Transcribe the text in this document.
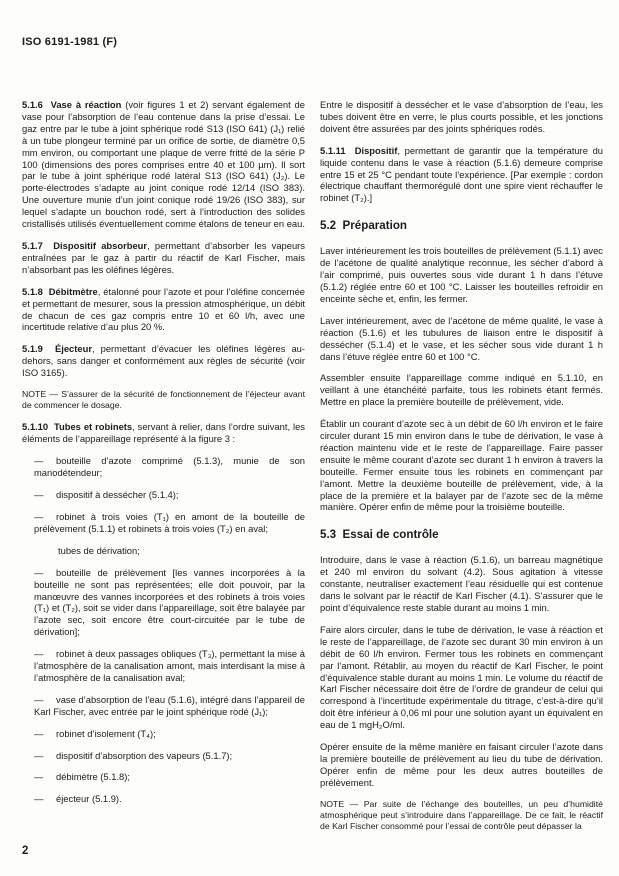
ISO 6191-1981 (F)

5.1.6  Vase à réaction (voir figures 1 et 2) servant également de vase pour l’absorption de l’eau contenue dans la prise d’essai. Le gaz entre par le tube à joint sphérique rodé S13 (ISO 641) (J₁) relié à un tube plongeur terminé par un orifice de sortie, de diamètre 0,5 mm environ, ou comportant une plaque de verre fritté de la série P 100 (dimensions des pores comprises entre 40 et 100 µm). Il sort par le tube à joint sphérique rodé latéral S13 (ISO 641) (J₂). Le porte-électrodes s’adapte au joint conique rodé 12/14 (ISO 383). Une ouverture munie d’un joint conique rodé 19/26 (ISO 383), sur lequel s’adapte un bouchon rodé, sert à l’introduction des solides cristallisés utilisés éventuellement comme étalons de teneur en eau.

5.1.7  Dispositif absorbeur, permettant d’absorber les vapeurs entraînées par le gaz à partir du réactif de Karl Fischer, mais n’absorbant pas les oléfines légères.

5.1.8  Débitmètre, étalonné pour l’azote et pour l’oléfine concernée et permettant de mesurer, sous la pression atmosphérique, un débit de chacun de ces gaz compris entre 10 et 60 l/h, avec une incertitude relative d’au plus 20 %.

5.1.9  Éjecteur, permettant d’évacuer les oléfines légères au-dehors, sans danger et conformément aux règles de sécurité (voir ISO 3165).

NOTE — S’assurer de la sécurité de fonctionnement de l’éjecteur avant de commencer le dosage.

5.1.10  Tubes et robinets, servant à relier, dans l’ordre suivant, les éléments de l’appareillage représenté à la figure 3 :

— bouteille d’azote comprimé (5.1.3), munie de son manodétendeur;
— dispositif à dessécher (5.1.4);
— robinet à trois voies (T₁) en amont de la bouteille de prélèvement (5.1.1) et robinets à trois voies (T₂) en aval;
tubes de dérivation;
— bouteille de prélèvement [les vannes incorporées à la bouteille ne sont pas représentées; elle doit pouvoir, par la manœuvre des vannes incorporées et des robinets à trois voies (T₁) et (T₂), soit se vider dans l’appareillage, soit être balayée par l’azote sec, soit encore être court-circuitée par le tube de dérivation];
— robinet à deux passages obliques (T₃), permettant la mise à l’atmosphère de la canalisation amont, mais interdisant la mise à l’atmosphère de la canalisation aval;
— vase d’absorption de l’eau (5.1.6), intégré dans l’appareil de Karl Fischer, avec entrée par le joint sphérique rodé (J₁);
— robinet d’isolement (T₄);
— dispositif d’absorption des vapeurs (5.1.7);
— débimètre (5.1.8);
— éjecteur (5.1.9).

Entre le dispositif à dessécher et le vase d’absorption de l’eau, les tubes doivent être en verre, le plus courts possible, et les jonctions doivent être assurées par des joints sphériques rodés.

5.1.11  Dispositif, permettant de garantir que la température du liquide contenu dans le vase à réaction (5.1.6) demeure comprise entre 15 et 25 °C pendant toute l’expérience. [Par exemple : cordon électrique chauffant thermorégulé dont une spire vient réchauffer le robinet (T₂).]

5.2  Préparation

Laver intérieurement les trois bouteilles de prélèvement (5.1.1) avec de l’acétone de qualité analytique reconnue, les sécher d’abord à l’air comprimé, puis ouvertes sous vide durant 1 h dans l’étuve (5.1.2) réglée entre 60 et 100 °C. Laisser les bouteilles refroidir en enceinte sèche et, enfin, les fermer.

Laver intérieurement, avec de l’acétone de même qualité, le vase à réaction (5.1.6) et les tubulures de liaison entre le dispositif à dessécher (5.1.4) et le vase, et les sécher sous vide durant 1 h dans l’étuve réglée entre 60 et 100 °C.

Assembler ensuite l’appareillage comme indiqué en 5.1.10, en veillant à une étanchéité parfaite, tous les robinets étant fermés. Mettre en place la première bouteille de prélèvement, vide.

Établir un courant d’azote sec à un débit de 60 l/h environ et le faire circuler durant 15 min environ dans le tube de dérivation, le vase à réaction maintenu vide et le reste de l’appareillage. Faire passer ensuite le même courant d’azote sec durant 1 h environ à travers la bouteille. Fermer ensuite tous les robinets en commençant par l’amont. Mettre la deuxième bouteille de prélèvement, vide, à la place de la première et la balayer par de l’azote sec de la même manière. Opérer enfin de même pour la troisième bouteille.

5.3  Essai de contrôle

Introduire, dans le vase à réaction (5.1.6), un barreau magnétique et 240 ml environ du solvant (4.2). Sous agitation à vitesse constante, neutraliser exactement l’eau résiduelle qui est contenue dans le solvant par le réactif de Karl Fischer (4.1). S’assurer que le point d’équivalence reste stable durant au moins 1 min.

Faire alors circuler, dans le tube de dérivation, le vase à réaction et le reste de l’appareillage, de l’azote sec durant 30 min environ à un débit de 60 l/h environ. Fermer tous les robinets en commençant par l’amont. Rétablir, au moyen du réactif de Karl Fischer, le point d’équivalence stable durant au moins 1 min. Le volume du réactif de Karl Fischer nécessaire doit être de l’ordre de grandeur de celui qui correspond à l’incertitude expérimentale du titrage, c’est-à-dire qu’il doit être inférieur à 0,06 ml pour une solution ayant un équivalent en eau de 1 mgH₂O/ml.

Opérer ensuite de la même manière en faisant circuler l’azote dans la première bouteille de prélèvement au lieu du tube de dérivation. Opérer enfin de même pour les deux autres bouteilles de prélèvement.

NOTE — Par suite de l’échange des bouteilles, un peu d’humidité atmosphérique peut s’introduire dans l’appareillage. De ce fait, le réactif de Karl Fischer consommé pour l’essai de contrôle peut dépasser la

2
